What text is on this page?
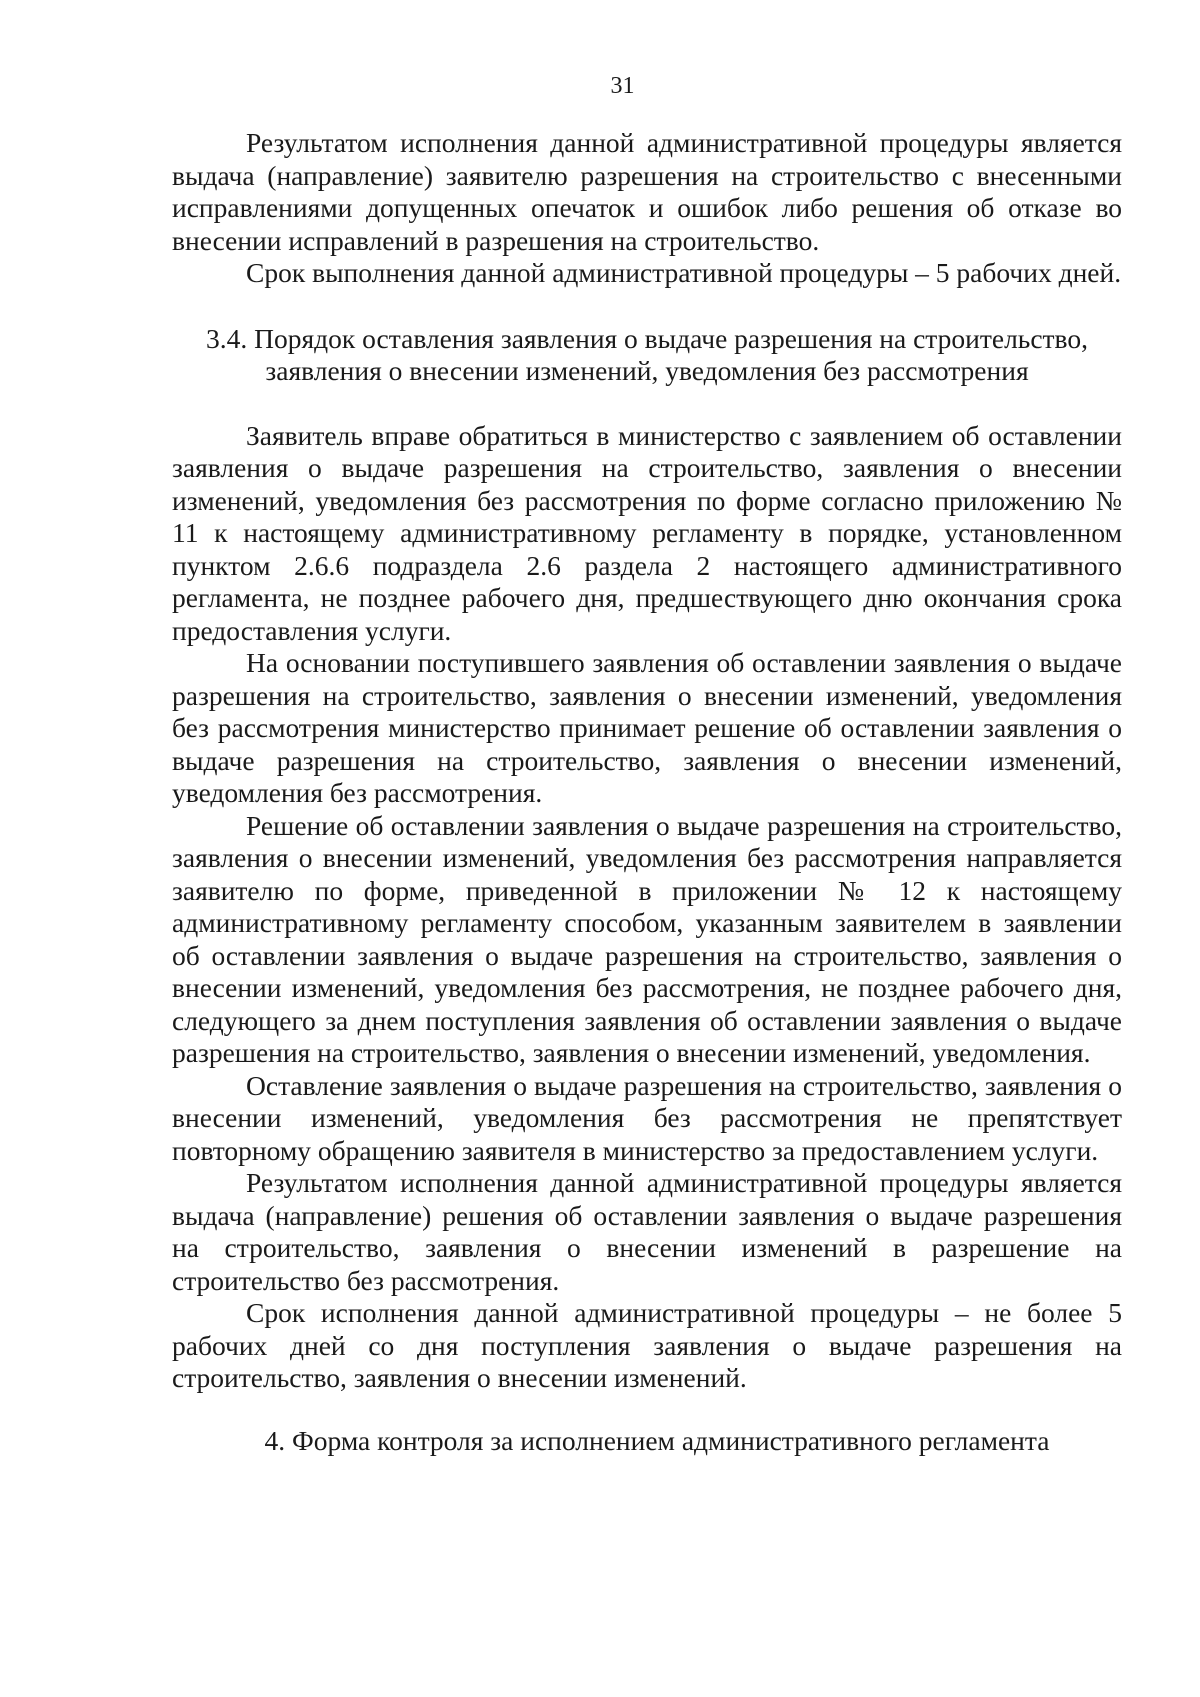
31

Результатом исполнения данной административной процедуры является выдача (направление) заявителю разрешения на строительство с внесенными исправлениями допущенных опечаток и ошибок либо решения об отказе во внесении исправлений в разрешения на строительство.

Срок выполнения данной административной процедуры – 5 рабочих дней.

3.4. Порядок оставления заявления о выдаче разрешения на строительство,
заявления о внесении изменений, уведомления без рассмотрения

Заявитель вправе обратиться в министерство с заявлением об оставлении заявления о выдаче разрешения на строительство, заявления о внесении изменений, уведомления без рассмотрения по форме согласно приложению № 11 к настоящему административному регламенту в порядке, установленном пунктом 2.6.6 подраздела 2.6 раздела 2 настоящего административного регламента, не позднее рабочего дня, предшествующего дню окончания срока предоставления услуги.

На основании поступившего заявления об оставлении заявления о выдаче разрешения на строительство, заявления о внесении изменений, уведомления без рассмотрения министерство принимает решение об оставлении заявления о выдаче разрешения на строительство, заявления о внесении изменений, уведомления без рассмотрения.

Решение об оставлении заявления о выдаче разрешения на строительство, заявления о внесении изменений, уведомления без рассмотрения направляется заявителю по форме, приведенной в приложении № 12 к настоящему административному регламенту способом, указанным заявителем в заявлении об оставлении заявления о выдаче разрешения на строительство, заявления о внесении изменений, уведомления без рассмотрения, не позднее рабочего дня, следующего за днем поступления заявления об оставлении заявления о выдаче разрешения на строительство, заявления о внесении изменений, уведомления.

Оставление заявления о выдаче разрешения на строительство, заявления о внесении изменений, уведомления без рассмотрения не препятствует повторному обращению заявителя в министерство за предоставлением услуги.

Результатом исполнения данной административной процедуры является выдача (направление) решения об оставлении заявления о выдаче разрешения на строительство, заявления о внесении изменений в разрешение на строительство без рассмотрения.

Срок исполнения данной административной процедуры – не более 5 рабочих дней со дня поступления заявления о выдаче разрешения на строительство, заявления о внесении изменений.

4. Форма контроля за исполнением административного регламента
